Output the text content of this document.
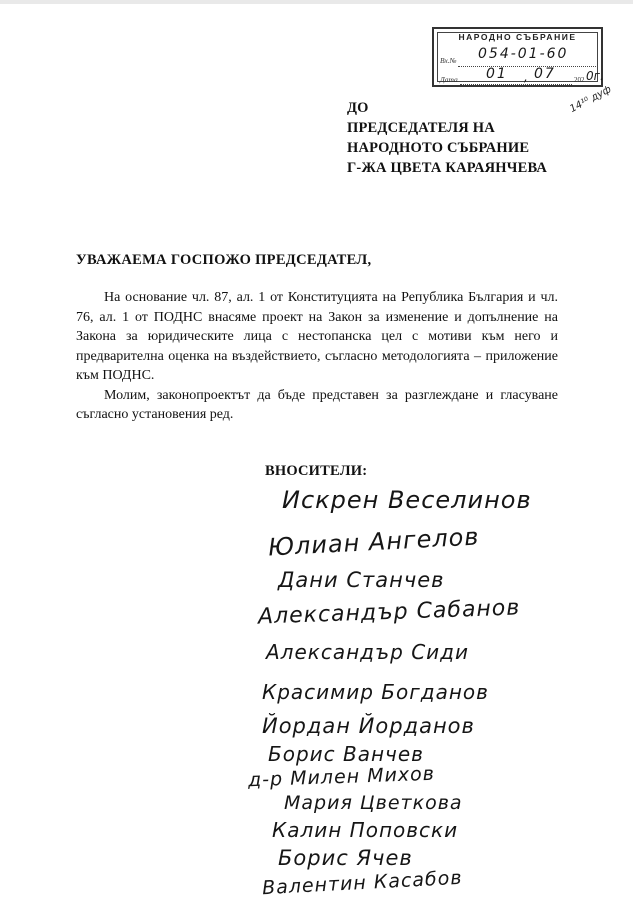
НАРОДНО СЪБРАНИЕ
Вх.№ 054-01-60
Дата 01 , 07	202 0г.
14¹⁰ дуф
ДО
ПРЕДСЕДАТЕЛЯ НА
НАРОДНОТО СЪБРАНИЕ
Г-ЖА ЦВЕТА КАРАЯНЧЕВА
УВАЖАЕМА ГОСПОЖО ПРЕДСЕДАТЕЛ,

На основание чл. 87, ал. 1 от Конституцията на Република България и чл. 76, ал. 1 от ПОДНС внасяме проект на Закон за изменение и допълнение на Закона за юридическите лица с нестопанска цел с мотиви към него и предварителна оценка на въздействието, съгласно методологията – приложение към ПОДНС.

Молим, законопроектът да бъде представен за разглеждане и гласуване съгласно установения ред.

ВНОСИТЕЛИ:
Искрен Веселинов
Юлиан Ангелов
Дани Станчев
Александър Сабанов
Александър Сиди
Красимир Богданов
Йордан Йорданов
Борис Ванчев
д-р Милен Михов
Мария Цветкова
Калин Поповски
Борис Ячев
Валентин Касабов
